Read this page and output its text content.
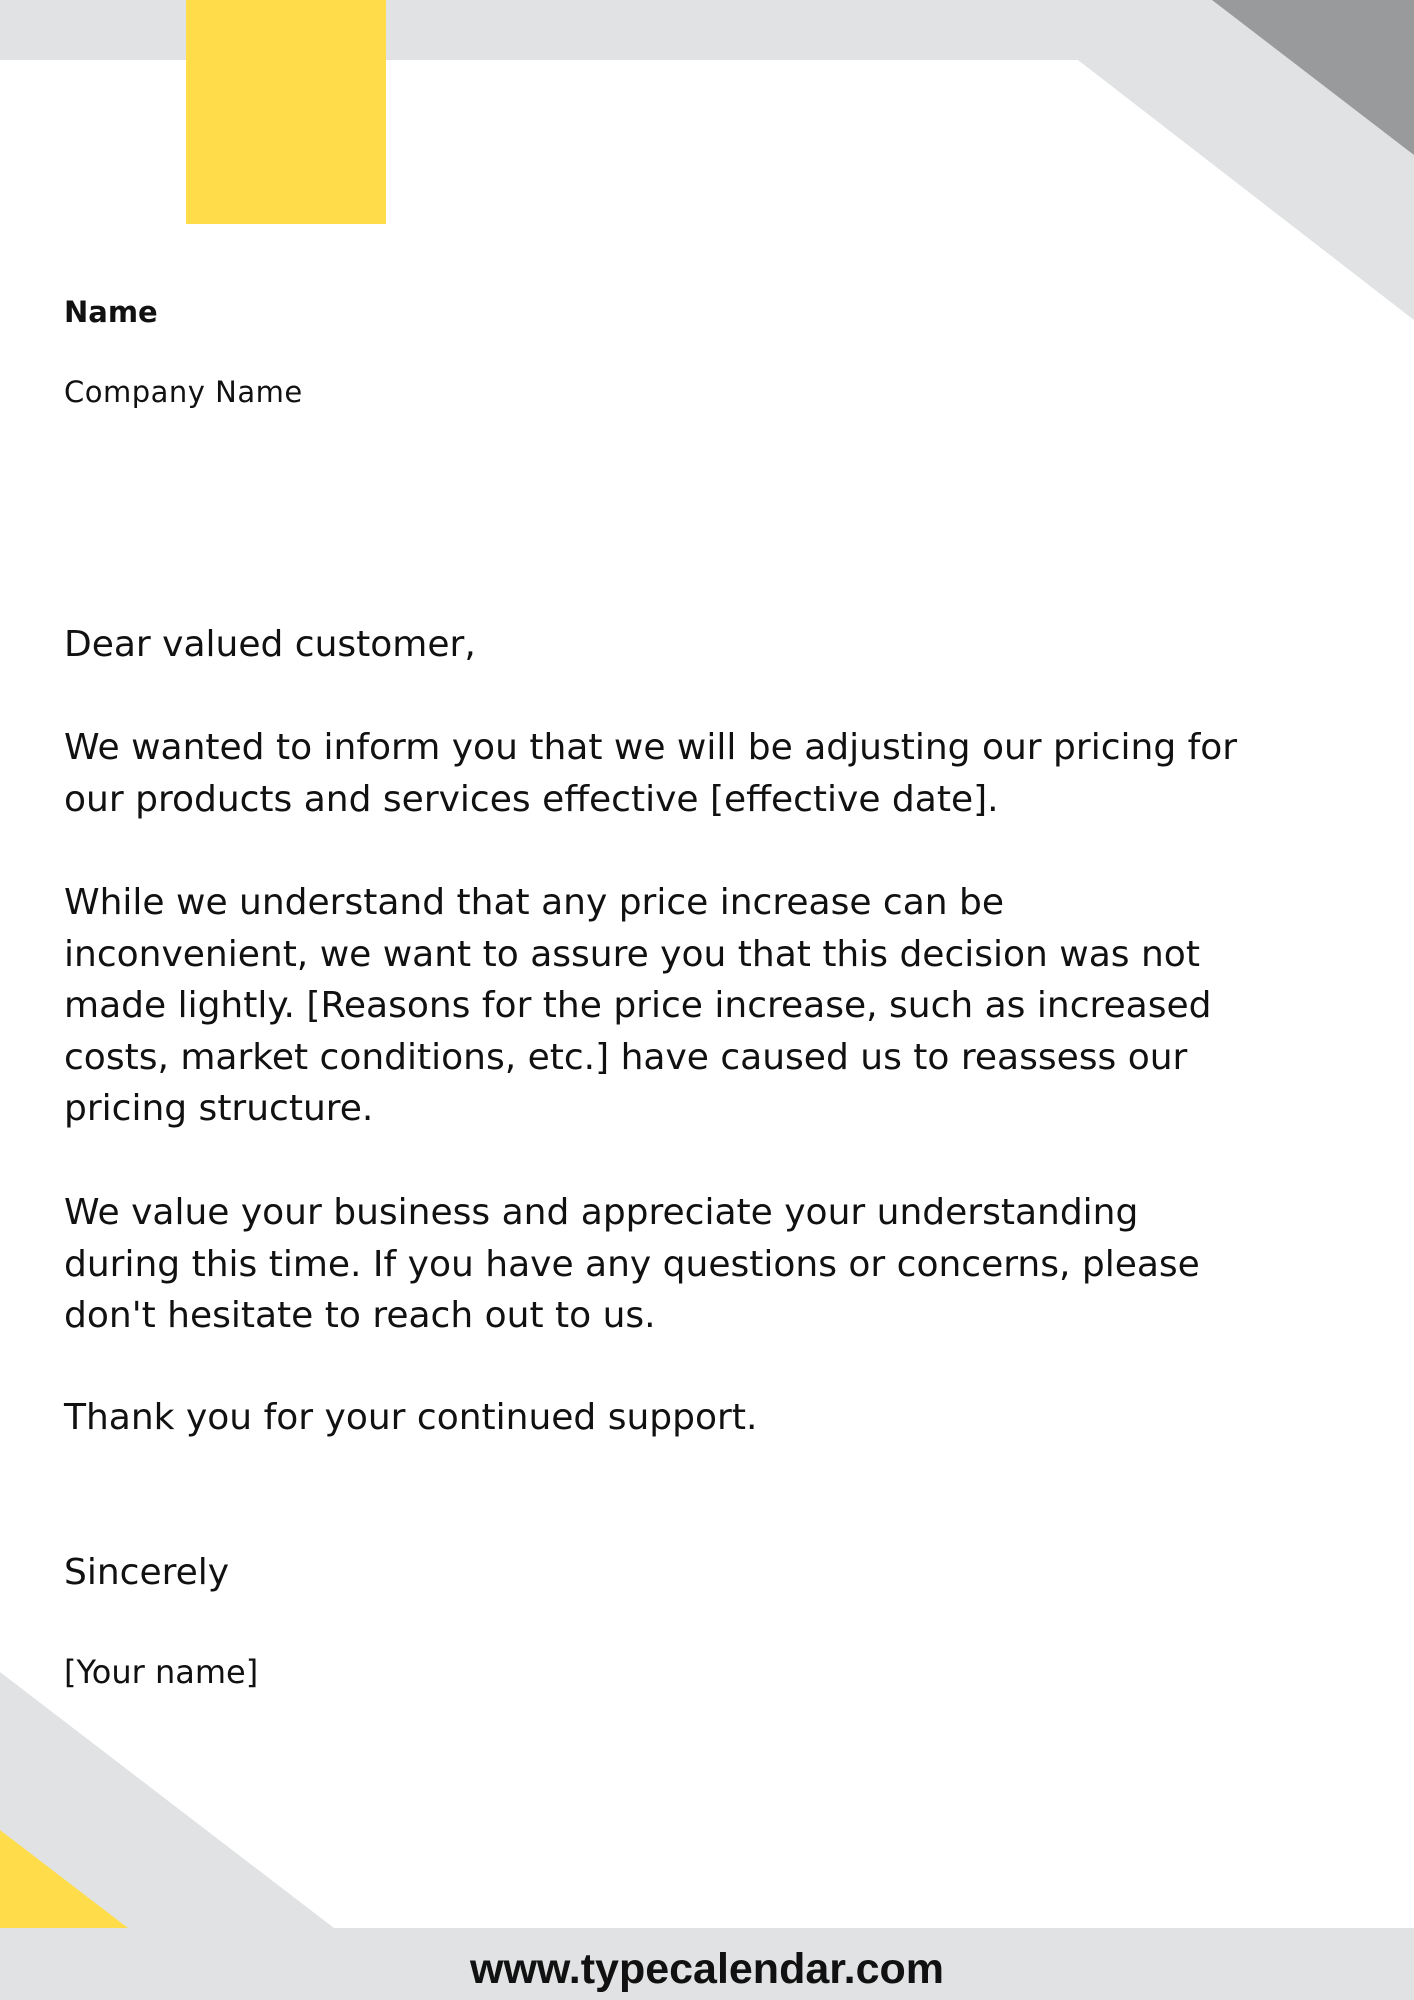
Name

Company Name

Dear valued customer,

We wanted to inform you that we will be adjusting our pricing for
our products and services effective [effective date].

While we understand that any price increase can be
inconvenient, we want to assure you that this decision was not
made lightly. [Reasons for the price increase, such as increased
costs, market conditions, etc.] have caused us to reassess our
pricing structure.

We value your business and appreciate your understanding
during this time. If you have any questions or concerns, please
don't hesitate to reach out to us.

Thank you for your continued support.

Sincerely

[Your name]

www.typecalendar.com
